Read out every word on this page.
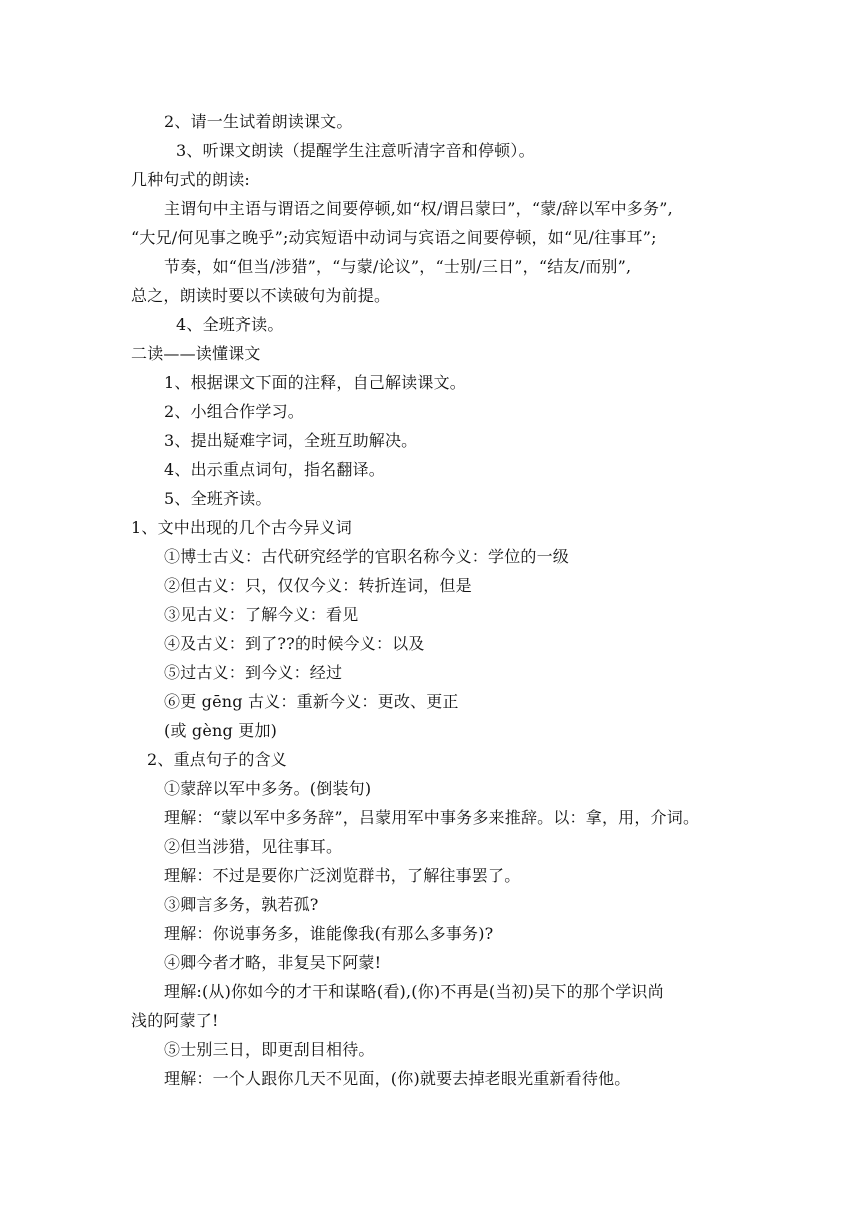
2、请一生试着朗读课文。
3、听课文朗读（提醒学生注意听清字音和停顿）。
几种句式的朗读:
主谓句中主语与谓语之间要停顿,如“权/谓吕蒙曰”，“蒙/辞以军中多务”,
“大兄/何见事之晚乎”;动宾短语中动词与宾语之间要停顿，如“见/往事耳”;
节奏，如“但当/涉猎”，“与蒙/论议”，“士别/三日”，“结友/而别”,
总之，朗读时要以不读破句为前提。
4、全班齐读。
二读——读懂课文
1、根据课文下面的注释，自己解读课文。
2、小组合作学习。
3、提出疑难字词，全班互助解决。
4、出示重点词句，指名翻译。
5、全班齐读。
1、文中出现的几个古今异义词
①博士古义：古代研究经学的官职名称今义：学位的一级
②但古义：只，仅仅今义：转折连词，但是
③见古义：了解今义：看见
④及古义：到了??的时候今义：以及
⑤过古义：到今义：经过
⑥更 gēng 古义：重新今义：更改、更正
(或 gèng 更加)
2、重点句子的含义
①蒙辞以军中多务。(倒装句)
理解：“蒙以军中多务辞”，吕蒙用军中事务多来推辞。以：拿，用，介词。
②但当涉猎，见往事耳。
理解：不过是要你广泛浏览群书，了解往事罢了。
③卿言多务，孰若孤?
理解：你说事务多，谁能像我(有那么多事务)?
④卿今者才略，非复吴下阿蒙!
理解:(从)你如今的才干和谋略(看),(你)不再是(当初)吴下的那个学识尚
浅的阿蒙了!
⑤士别三日，即更刮目相待。
理解：一个人跟你几天不见面，(你)就要去掉老眼光重新看待他。
